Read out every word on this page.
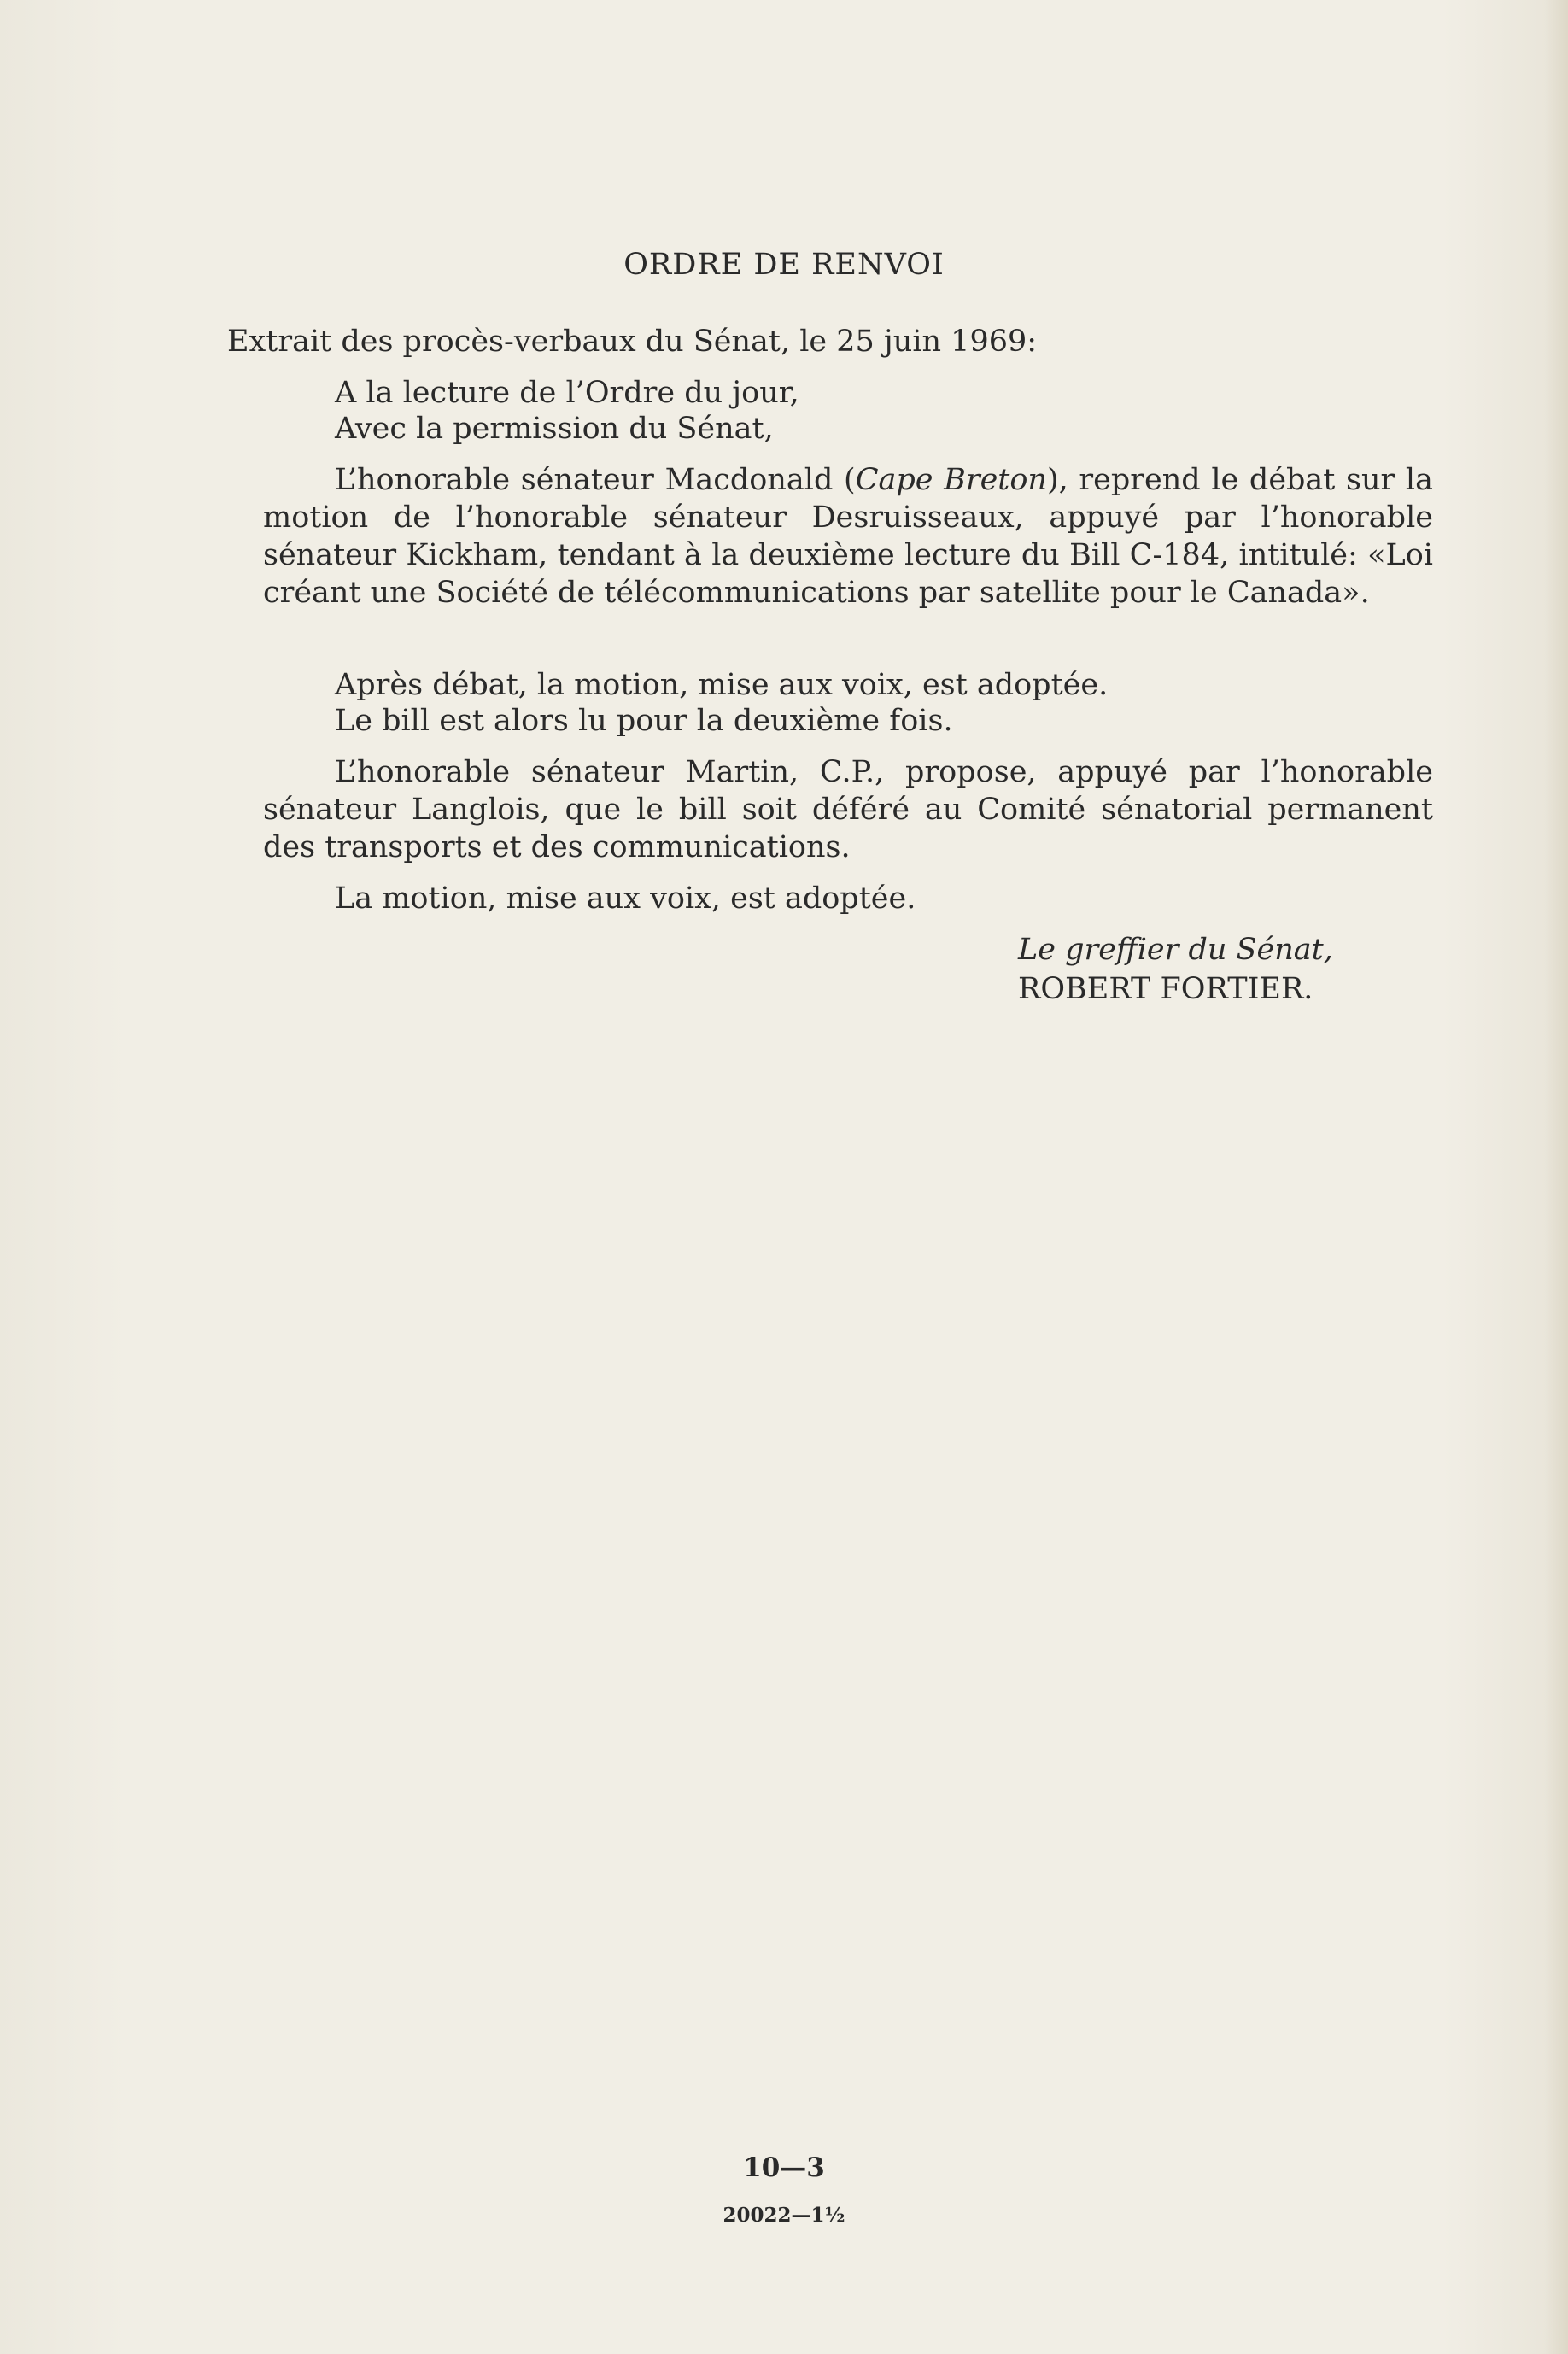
ORDRE DE RENVOI
Extrait des procès-verbaux du Sénat, le 25 juin 1969:
A la lecture de l’Ordre du jour,
Avec la permission du Sénat,
L’honorable sénateur Macdonald (Cape Breton), reprend le débat sur la motion de l’honorable sénateur Desruisseaux, appuyé par l’honorable sénateur Kickham, tendant à la deuxième lecture du Bill C-184, intitulé: «Loi créant une Société de télécommunications par satellite pour le Canada».
Après débat, la motion, mise aux voix, est adoptée.
Le bill est alors lu pour la deuxième fois.
L’honorable sénateur Martin, C.P., propose, appuyé par l’honorable sénateur Langlois, que le bill soit déféré au Comité sénatorial permanent des transports et des communications.
La motion, mise aux voix, est adoptée.
Le greffier du Sénat,
ROBERT FORTIER.
10—3
20022—1½
